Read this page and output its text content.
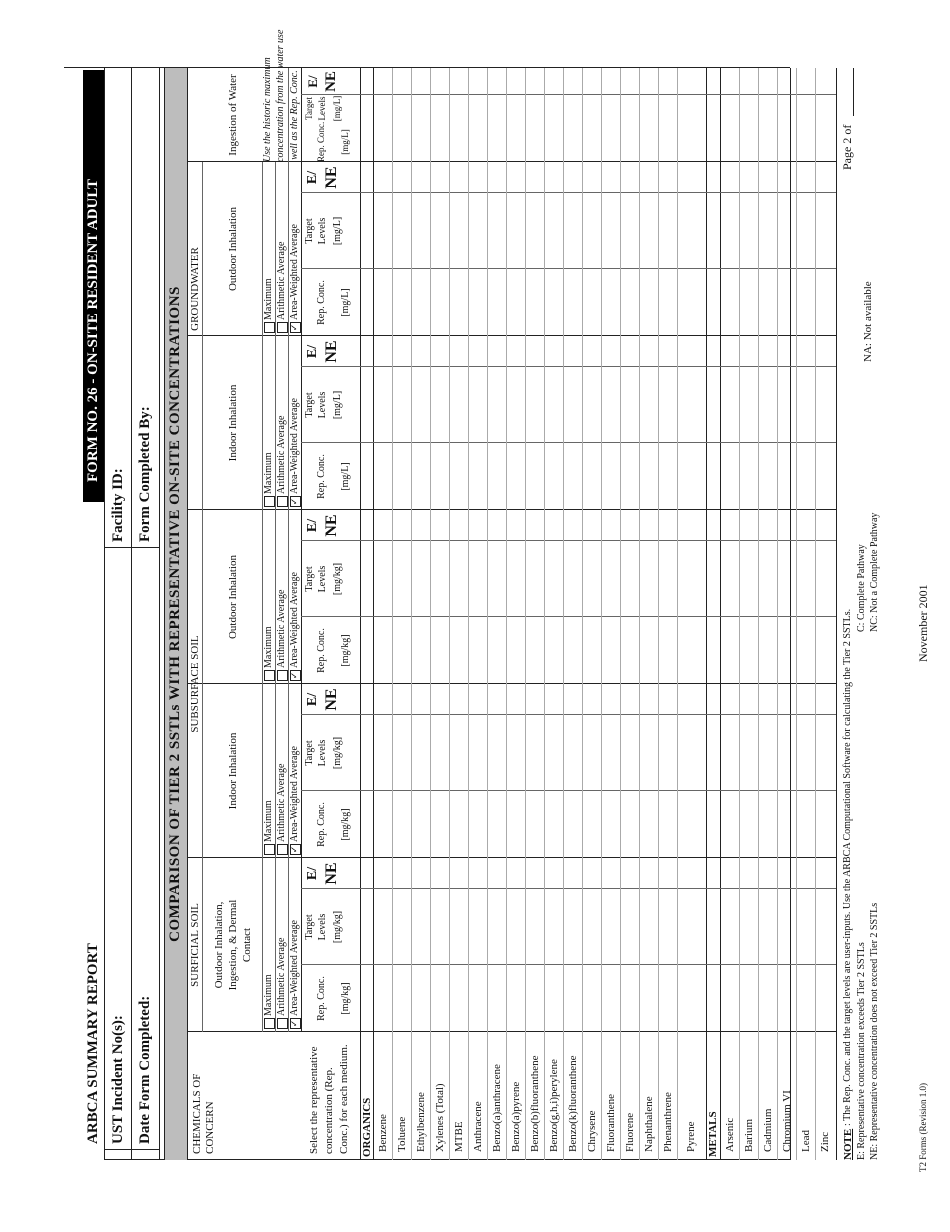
ARBCA SUMMARY REPORT
FORM NO. 26 - ON-SITE RESIDENT ADULT
UST Incident No(s):
Facility ID:
Date Form Completed:
Form Completed By: COMPARISON OF TIER 2 SSTLs WITH REPRESENTATIVE ON-SITE CONCENTRATIONS
CHEMICALS OF CONCERN	Select the representative concentration (Rep. Conc.) for each medium.
SURFICIAL SOIL
SUBSURFACE SOIL
GROUNDWATER
Outdoor Inhalation, Ingestion, & Dermal Contact
Indoor Inhalation
Outdoor Inhalation
Indoor Inhalation
Outdoor Inhalation
Ingestion of Water Use the historic maximum concentration from the water use well as the Rep. Conc.
Maximum Arithmetic Average
✓
Area-Weighted Average
Maximum Arithmetic Average
✓
Area-Weighted Average
Maximum Arithmetic Average
✓
Area-Weighted Average
Maximum Arithmetic Average
✓
Area-Weighted Average
Maximum Arithmetic Average
✓
Area-Weighted Average
Rep. Conc. [mg/kg]
Target Levels [mg/kg]
E/ NE
Rep. Conc. [mg/kg]
Target Levels [mg/kg]
E/ NE
Rep. Conc. [mg/kg]
Target Levels [mg/kg]
E/ NE
Rep. Conc. [mg/L]
Target Levels [mg/L]
E/ NE
Rep. Conc. [mg/L]
Target Levels [mg/L]
E/ NE
Rep. Conc. [mg/L]
Target Levels [mg/L]
E/ NE
ORGANICS	METALS
Benzene Toluene Ethylbenzene Xylenes (Total) MTBE Anthracene Benzo(a)anthracene Benzo(a)pyrene Benzo(b)fluoranthene Benzo(g,h,i)perylene Benzo(k)fluoranthene Chrysene Fluoranthene Fluorene Naphthalene Phenanthrene Pyrene Arsenic Barium Cadmium Chromium VI Lead Zinc NOTE
: The Rep. Conc. and the target levels are user-inputs. Use the ARBCA Computational Software for calculating the Tier 2 SSTLs. E: Representative concentration exceeds Tier 2 SSTLs NE: Representative concentration does not exceed Tier 2 SSTLs
C: Complete Pathway NC: Not a Complete Pathway
NA: Not available
T2 Forms (Revision 1.0)
November 2001
Page 2 of
